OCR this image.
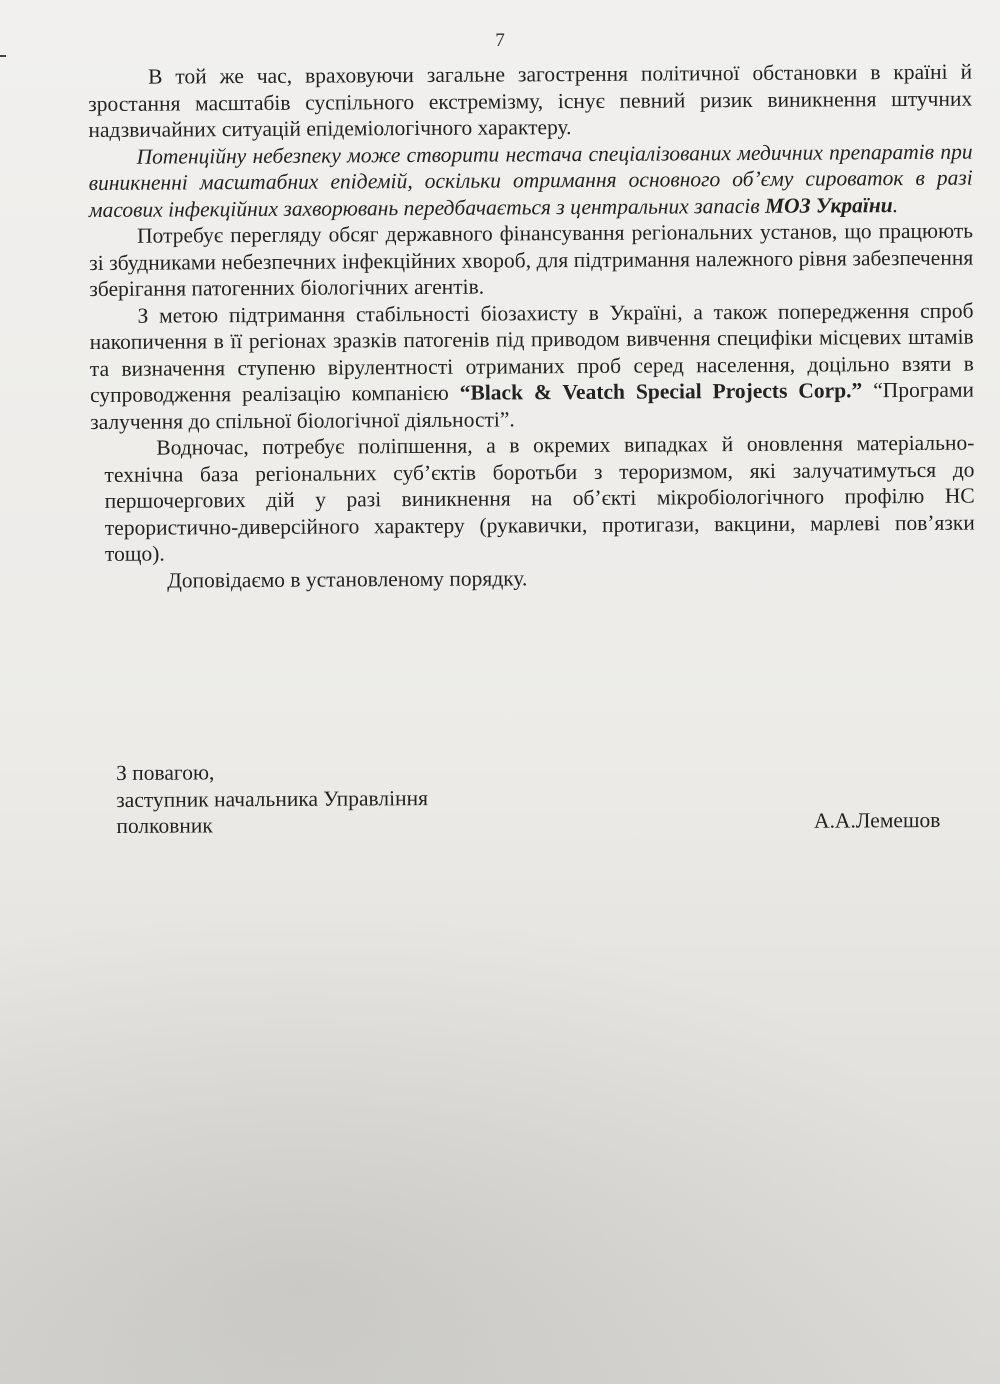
7

В той же час, враховуючи загальне загострення політичної обстановки в країні й зростання масштабів суспільного екстремізму, існує певний ризик виникнення штучних надзвичайних ситуацій епідеміологічного характеру.

Потенційну небезпеку може створити нестача спеціалізованих медичних препаратів при виникненні масштабних епідемій, оскільки отримання основного об’єму сироваток в разі масових інфекційних захворювань передбачається з центральних запасів МОЗ України.

Потребує перегляду обсяг державного фінансування регіональних установ, що працюють зі збудниками небезпечних інфекційних хвороб, для підтримання належного рівня забезпечення зберігання патогенних біологічних агентів.

З метою підтримання стабільності біозахисту в Україні, а також попередження спроб накопичення в її регіонах зразків патогенів під приводом вивчення специфіки місцевих штамів та визначення ступеню вірулентності отриманих проб серед населення, доцільно взяти в супроводження реалізацію компанією “Black & Veatch Special Projects Corp.” “Програми залучення до спільної біологічної діяльності”.

Водночас, потребує поліпшення, а в окремих випадках й оновлення матеріально-технічна база регіональних суб’єктів боротьби з тероризмом, які залучатимуться до першочергових дій у разі виникнення на об’єкті мікробіологічного профілю НС терористично-диверсійного характеру (рукавички, протигази, вакцини, марлеві пов’язки тощо).

Доповідаємо в установленому порядку.

З повагою,
заступник начальника Управління
полковник	А.А.Лемешов
